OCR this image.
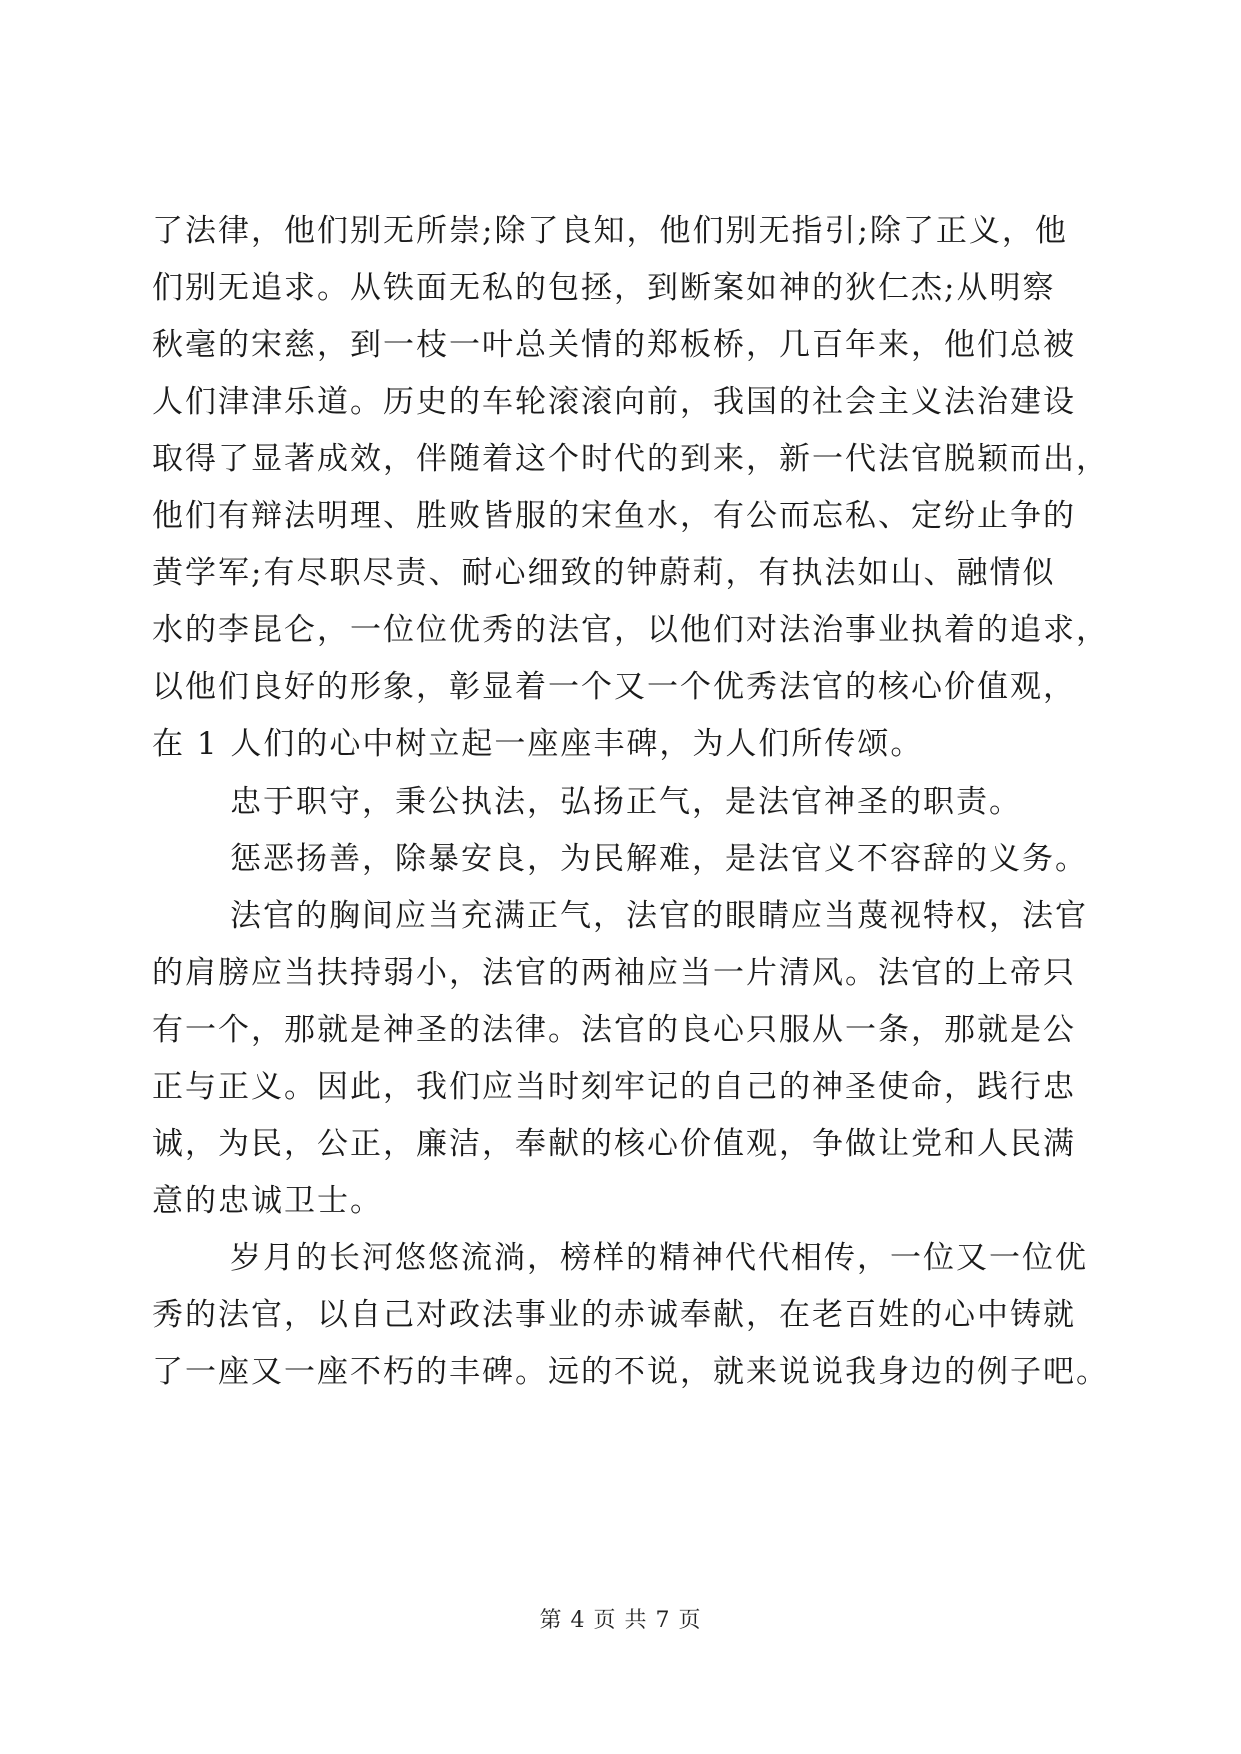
了法律，他们别无所崇;除了良知，他们别无指引;除了正义，他
们别无追求。从铁面无私的包拯，到断案如神的狄仁杰;从明察
秋毫的宋慈，到一枝一叶总关情的郑板桥，几百年来，他们总被
人们津津乐道。历史的车轮滚滚向前，我国的社会主义法治建设
取得了显著成效，伴随着这个时代的到来，新一代法官脱颖而出，
他们有辩法明理、胜败皆服的宋鱼水，有公而忘私、定纷止争的
黄学军;有尽职尽责、耐心细致的钟蔚莉，有执法如山、融情似
水的李昆仑，一位位优秀的法官，以他们对法治事业执着的追求，
以他们良好的形象，彰显着一个又一个优秀法官的核心价值观，
在 1 人们的心中树立起一座座丰碑，为人们所传颂。
忠于职守，秉公执法，弘扬正气，是法官神圣的职责。
惩恶扬善，除暴安良，为民解难，是法官义不容辞的义务。
法官的胸间应当充满正气，法官的眼睛应当蔑视特权，法官
的肩膀应当扶持弱小，法官的两袖应当一片清风。法官的上帝只
有一个，那就是神圣的法律。法官的良心只服从一条，那就是公
正与正义。因此，我们应当时刻牢记的自己的神圣使命，践行忠
诚，为民，公正，廉洁，奉献的核心价值观，争做让党和人民满
意的忠诚卫士。
岁月的长河悠悠流淌，榜样的精神代代相传，一位又一位优
秀的法官，以自己对政法事业的赤诚奉献，在老百姓的心中铸就
了一座又一座不朽的丰碑。远的不说，就来说说我身边的例子吧。
第 4 页 共 7 页
